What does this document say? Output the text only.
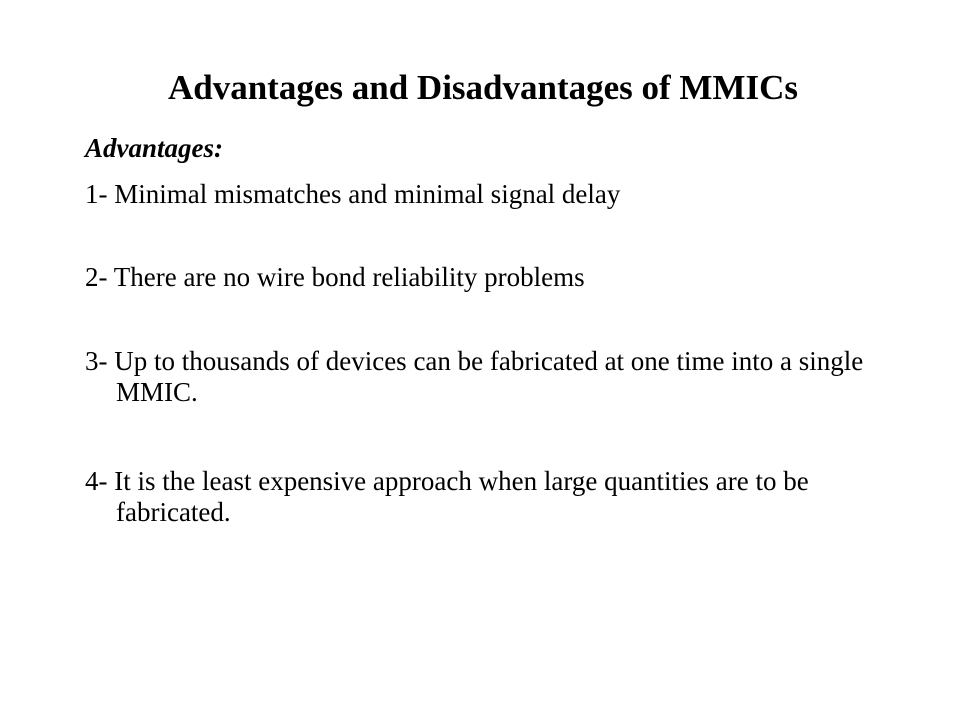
Advantages and Disadvantages of MMICs
Advantages:
1- Minimal mismatches and minimal signal delay
2- There are no wire bond reliability problems
3- Up to thousands of devices can be fabricated at one time into a single MMIC.
4- It is the least expensive approach when large quantities are to be fabricated.
